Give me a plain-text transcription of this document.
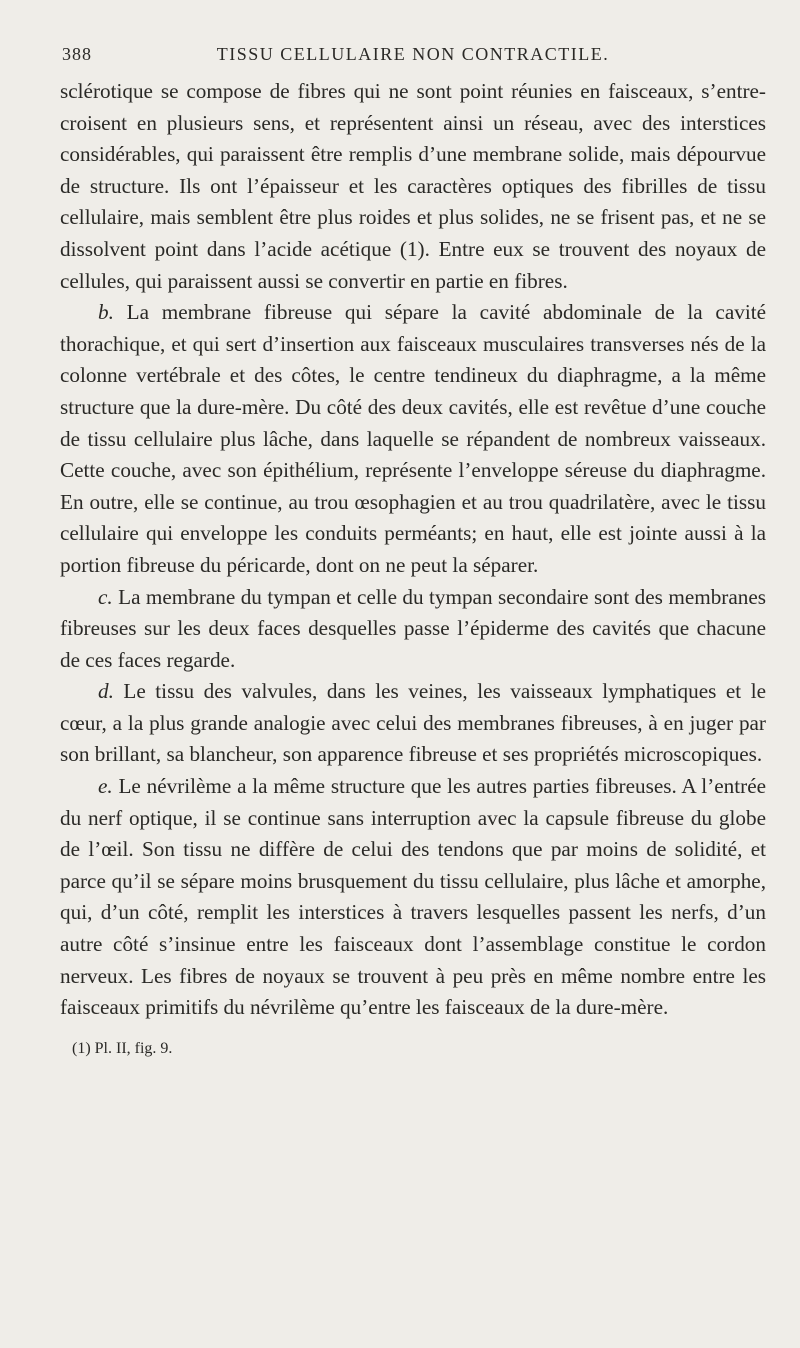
388	TISSU CELLULAIRE NON CONTRACTILE.

sclérotique se compose de fibres qui ne sont point réunies en faisceaux, s’entre-croisent en plusieurs sens, et représentent ainsi un réseau, avec des interstices considérables, qui paraissent être remplis d’une membrane solide, mais dépourvue de structure. Ils ont l’épaisseur et les caractères optiques des fibrilles de tissu cellulaire, mais semblent être plus roides et plus solides, ne se frisent pas, et ne se dissolvent point dans l’acide acétique (1). Entre eux se trouvent des noyaux de cellules, qui paraissent aussi se convertir en partie en fibres.

b. La membrane fibreuse qui sépare la cavité abdominale de la cavité thorachique, et qui sert d’insertion aux faisceaux musculaires transverses nés de la colonne vertébrale et des côtes, le centre tendineux du diaphragme, a la même structure que la dure-mère. Du côté des deux cavités, elle est revêtue d’une couche de tissu cellulaire plus lâche, dans laquelle se répandent de nombreux vaisseaux. Cette couche, avec son épithélium, représente l’enveloppe séreuse du diaphragme. En outre, elle se continue, au trou œsophagien et au trou quadrilatère, avec le tissu cellulaire qui enveloppe les conduits perméants; en haut, elle est jointe aussi à la portion fibreuse du péricarde, dont on ne peut la séparer.

c. La membrane du tympan et celle du tympan secondaire sont des membranes fibreuses sur les deux faces desquelles passe l’épiderme des cavités que chacune de ces faces regarde.

d. Le tissu des valvules, dans les veines, les vaisseaux lymphatiques et le cœur, a la plus grande analogie avec celui des membranes fibreuses, à en juger par son brillant, sa blancheur, son apparence fibreuse et ses propriétés microscopiques.

e. Le névrilème a la même structure que les autres parties fibreuses. A l’entrée du nerf optique, il se continue sans interruption avec la capsule fibreuse du globe de l’œil. Son tissu ne diffère de celui des tendons que par moins de solidité, et parce qu’il se sépare moins brusquement du tissu cellulaire, plus lâche et amorphe, qui, d’un côté, remplit les interstices à travers lesquelles passent les nerfs, d’un autre côté s’insinue entre les faisceaux dont l’assemblage constitue le cordon nerveux. Les fibres de noyaux se trouvent à peu près en même nombre entre les faisceaux primitifs du névrilème qu’entre les faisceaux de la dure-mère.

(1) Pl. II, fig. 9.
